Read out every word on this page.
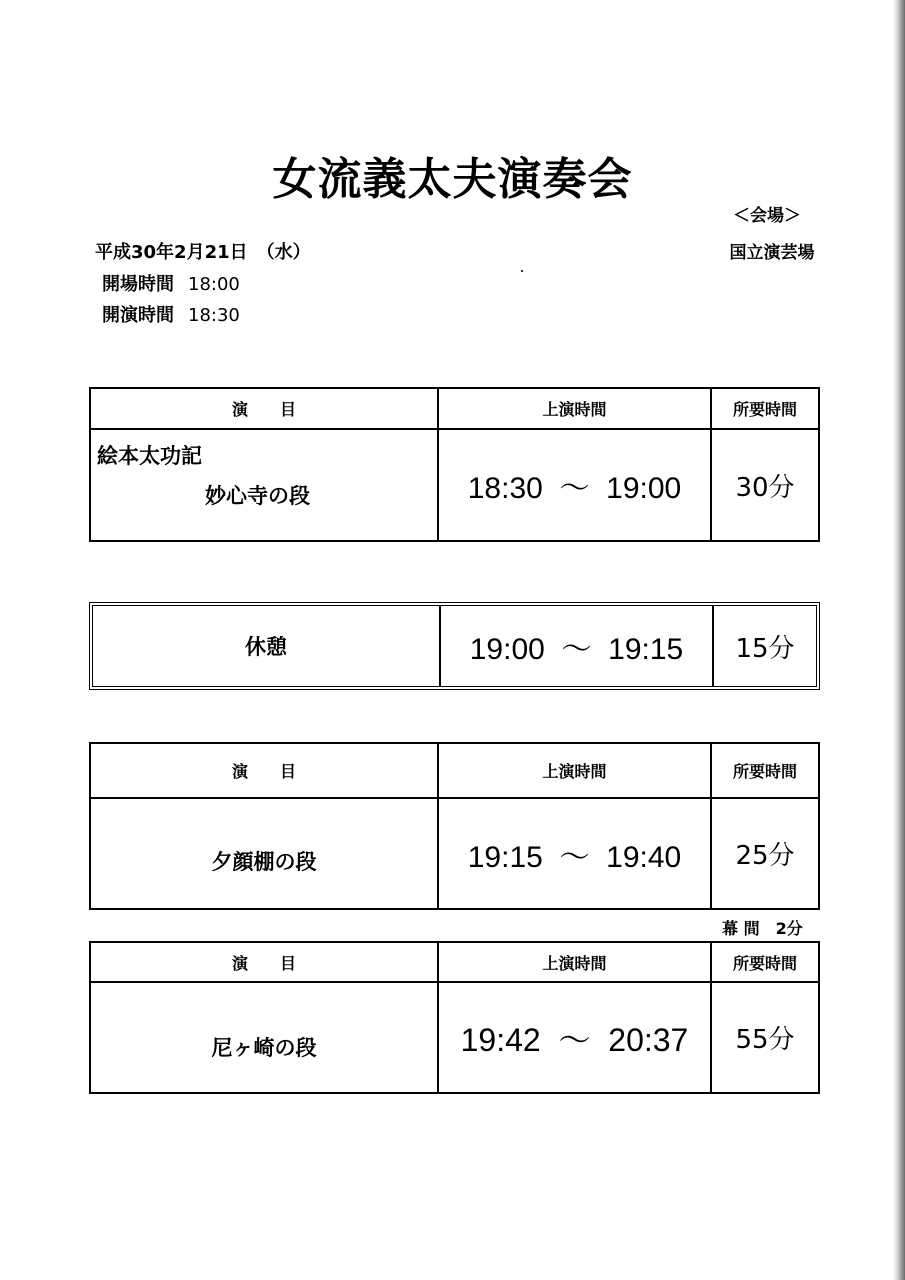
女流義太夫演奏会
＜会場＞
国立演芸場
平成30年2月21日　（水）
開場時間 18:00
開演時間 18:30
演　　目	上演時間	所要時間
絵本太功記
妙心寺の段	18:30  ～  19:00	30分
休憩	19:00  ～  19:15	15分
演　　目	上演時間	所要時間
夕顔棚の段	19:15  ～  19:40	25分
幕 間　2分
演　　目	上演時間	所要時間
尼ヶ崎の段	19:42  ～  20:37	55分
